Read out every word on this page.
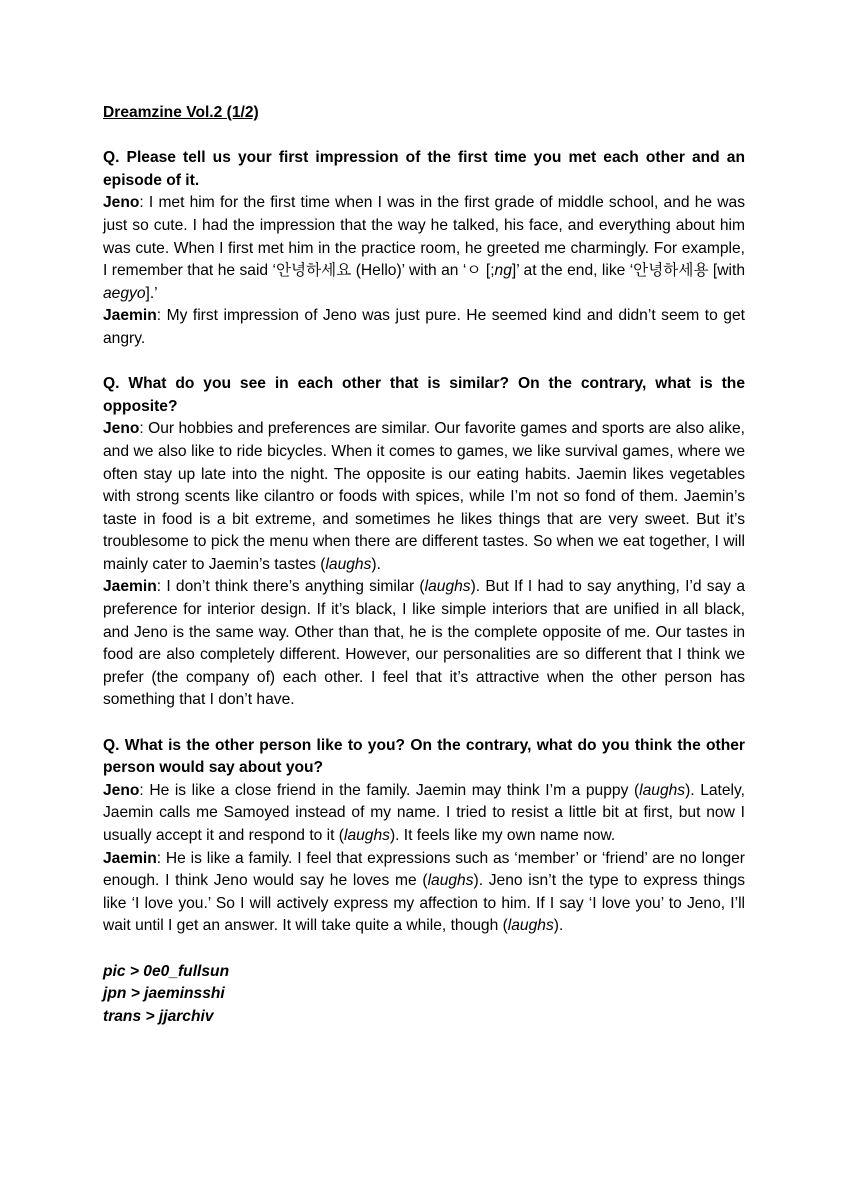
Dreamzine Vol.2 (1/2)

Q. Please tell us your first impression of the first time you met each other and an episode of it.

Jeno: I met him for the first time when I was in the first grade of middle school, and he was just so cute. I had the impression that the way he talked, his face, and everything about him was cute. When I first met him in the practice room, he greeted me charmingly. For example, I remember that he said ‘안녕하세요 (Hello)’ with an ‘ㅇ [;ng]’ at the end, like ‘안녕하세용 [with aegyo].’

Jaemin: My first impression of Jeno was just pure. He seemed kind and didn’t seem to get angry.

Q. What do you see in each other that is similar? On the contrary, what is the opposite?

Jeno: Our hobbies and preferences are similar. Our favorite games and sports are also alike, and we also like to ride bicycles. When it comes to games, we like survival games, where we often stay up late into the night. The opposite is our eating habits. Jaemin likes vegetables with strong scents like cilantro or foods with spices, while I’m not so fond of them. Jaemin’s taste in food is a bit extreme, and sometimes he likes things that are very sweet. But it’s troublesome to pick the menu when there are different tastes. So when we eat together, I will mainly cater to Jaemin’s tastes (laughs).

Jaemin: I don’t think there’s anything similar (laughs). But If I had to say anything, I’d say a preference for interior design. If it’s black, I like simple interiors that are unified in all black, and Jeno is the same way. Other than that, he is the complete opposite of me. Our tastes in food are also completely different. However, our personalities are so different that I think we prefer (the company of) each other. I feel that it’s attractive when the other person has something that I don’t have.

Q. What is the other person like to you? On the contrary, what do you think the other person would say about you?

Jeno: He is like a close friend in the family. Jaemin may think I’m a puppy (laughs). Lately, Jaemin calls me Samoyed instead of my name. I tried to resist a little bit at first, but now I usually accept it and respond to it (laughs). It feels like my own name now.

Jaemin: He is like a family. I feel that expressions such as ‘member’ or ‘friend’ are no longer enough. I think Jeno would say he loves me (laughs). Jeno isn’t the type to express things like ‘I love you.’ So I will actively express my affection to him. If I say ‘I love you’ to Jeno, I’ll wait until I get an answer. It will take quite a while, though (laughs).

pic > 0e0_fullsun
jpn > jaeminsshi
trans > jjarchiv
